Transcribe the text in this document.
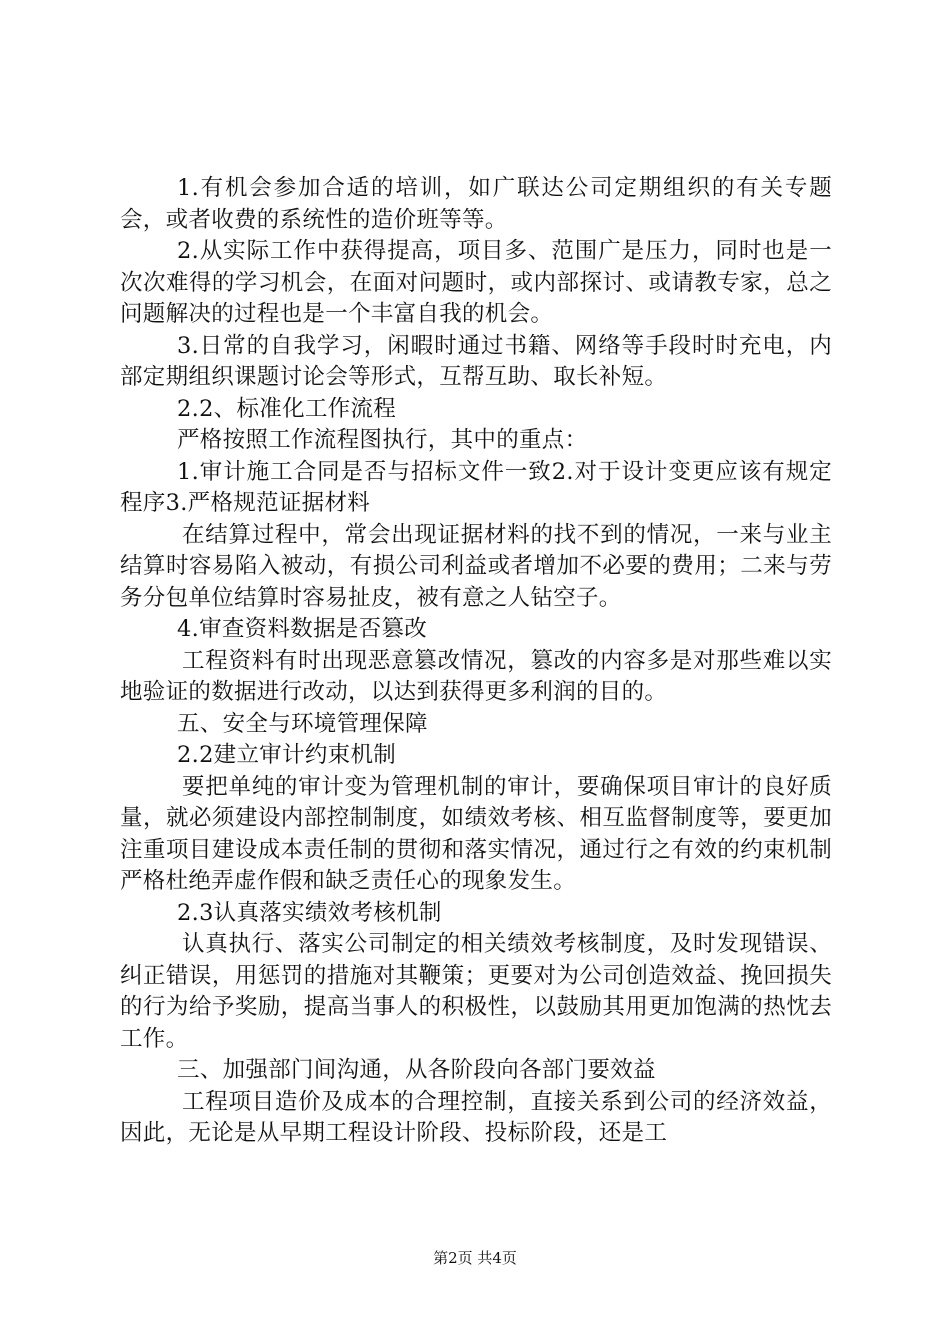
1.有机会参加合适的培训，如广联达公司定期组织的有关专题会，或者收费的系统性的造价班等等。

2.从实际工作中获得提高，项目多、范围广是压力，同时也是一次次难得的学习机会，在面对问题时，或内部探讨、或请教专家，总之问题解决的过程也是一个丰富自我的机会。

3.日常的自我学习，闲暇时通过书籍、网络等手段时时充电，内部定期组织课题讨论会等形式，互帮互助、取长补短。

2.2、标准化工作流程

严格按照工作流程图执行，其中的重点：

1.审计施工合同是否与招标文件一致2.对于设计变更应该有规定程序3.严格规范证据材料

在结算过程中，常会出现证据材料的找不到的情况，一来与业主结算时容易陷入被动，有损公司利益或者增加不必要的费用；二来与劳务分包单位结算时容易扯皮，被有意之人钻空子。

4.审查资料数据是否篡改

工程资料有时出现恶意篡改情况，篡改的内容多是对那些难以实地验证的数据进行改动，以达到获得更多利润的目的。

五、安全与环境管理保障

2.2建立审计约束机制

要把单纯的审计变为管理机制的审计，要确保项目审计的良好质量，就必须建设内部控制制度，如绩效考核、相互监督制度等，要更加注重项目建设成本责任制的贯彻和落实情况，通过行之有效的约束机制严格杜绝弄虚作假和缺乏责任心的现象发生。

2.3认真落实绩效考核机制

认真执行、落实公司制定的相关绩效考核制度，及时发现错误、纠正错误，用惩罚的措施对其鞭策；更要对为公司创造效益、挽回损失的行为给予奖励，提高当事人的积极性，以鼓励其用更加饱满的热忱去工作。

三、加强部门间沟通，从各阶段向各部门要效益

工程项目造价及成本的合理控制，直接关系到公司的经济效益，因此，无论是从早期工程设计阶段、投标阶段，还是工

第2页 共4页
